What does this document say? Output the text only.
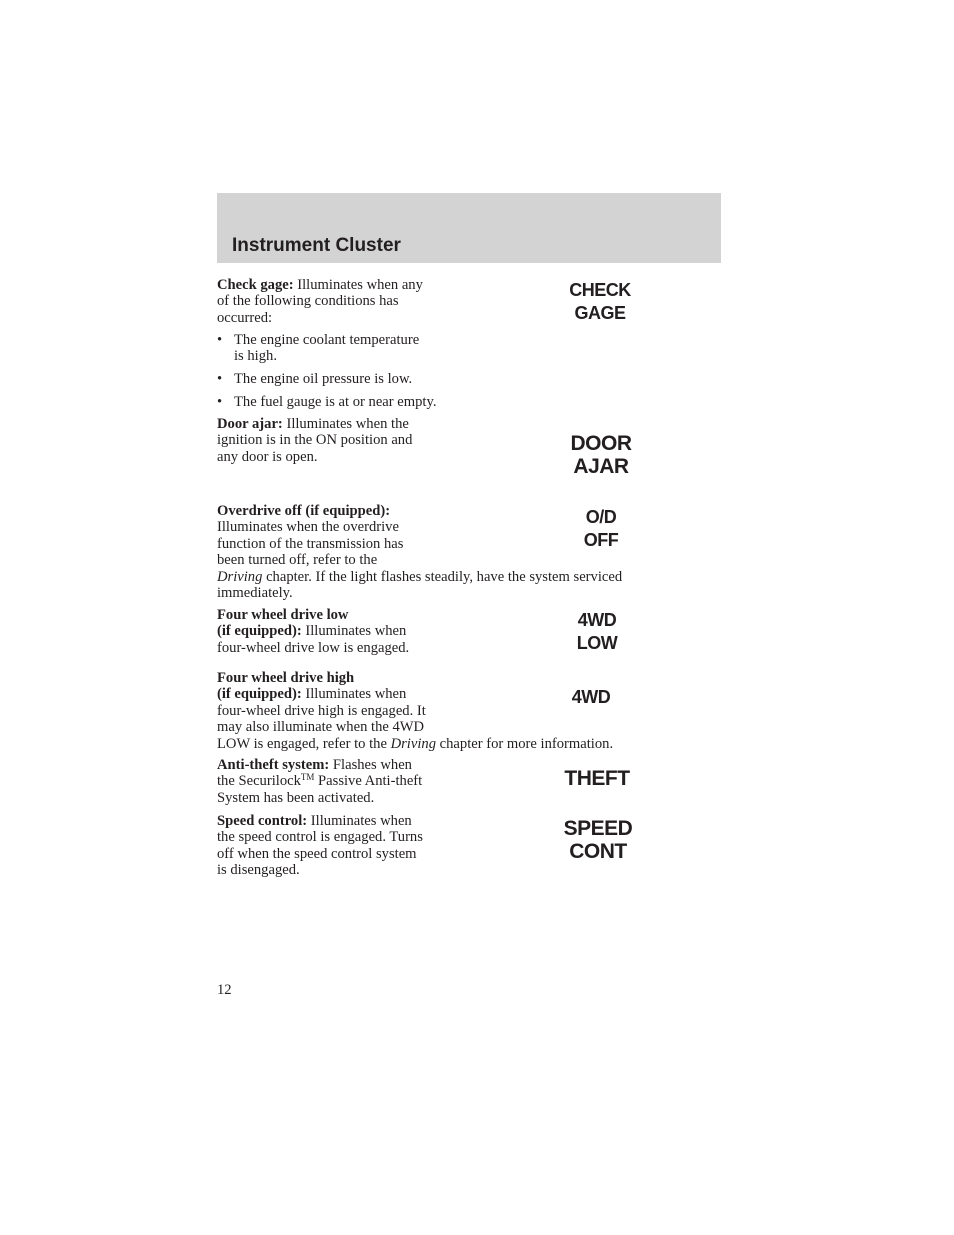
Instrument Cluster
Check gage: Illuminates when any
of the following conditions has
occurred:
• The engine coolant temperature
is high.
• The engine oil pressure is low.
• The fuel gauge is at or near empty.
CHECK
GAGE
Door ajar: Illuminates when the
ignition is in the ON position and
any door is open.
DOOR
AJAR
Overdrive off (if equipped):
Illuminates when the overdrive
function of the transmission has
been turned off, refer to the
Driving chapter. If the light flashes steadily, have the system serviced
immediately.
O/D
OFF
Four wheel drive low
(if equipped): Illuminates when
four-wheel drive low is engaged.
4WD
LOW
Four wheel drive high
(if equipped): Illuminates when
four-wheel drive high is engaged. It
may also illuminate when the 4WD
LOW is engaged, refer to the Driving chapter for more information.
4WD
Anti-theft system: Flashes when
the Securilock™ Passive Anti-theft
System has been activated.
THEFT
Speed control: Illuminates when
the speed control is engaged. Turns
off when the speed control system
is disengaged.
SPEED
CONT
12
